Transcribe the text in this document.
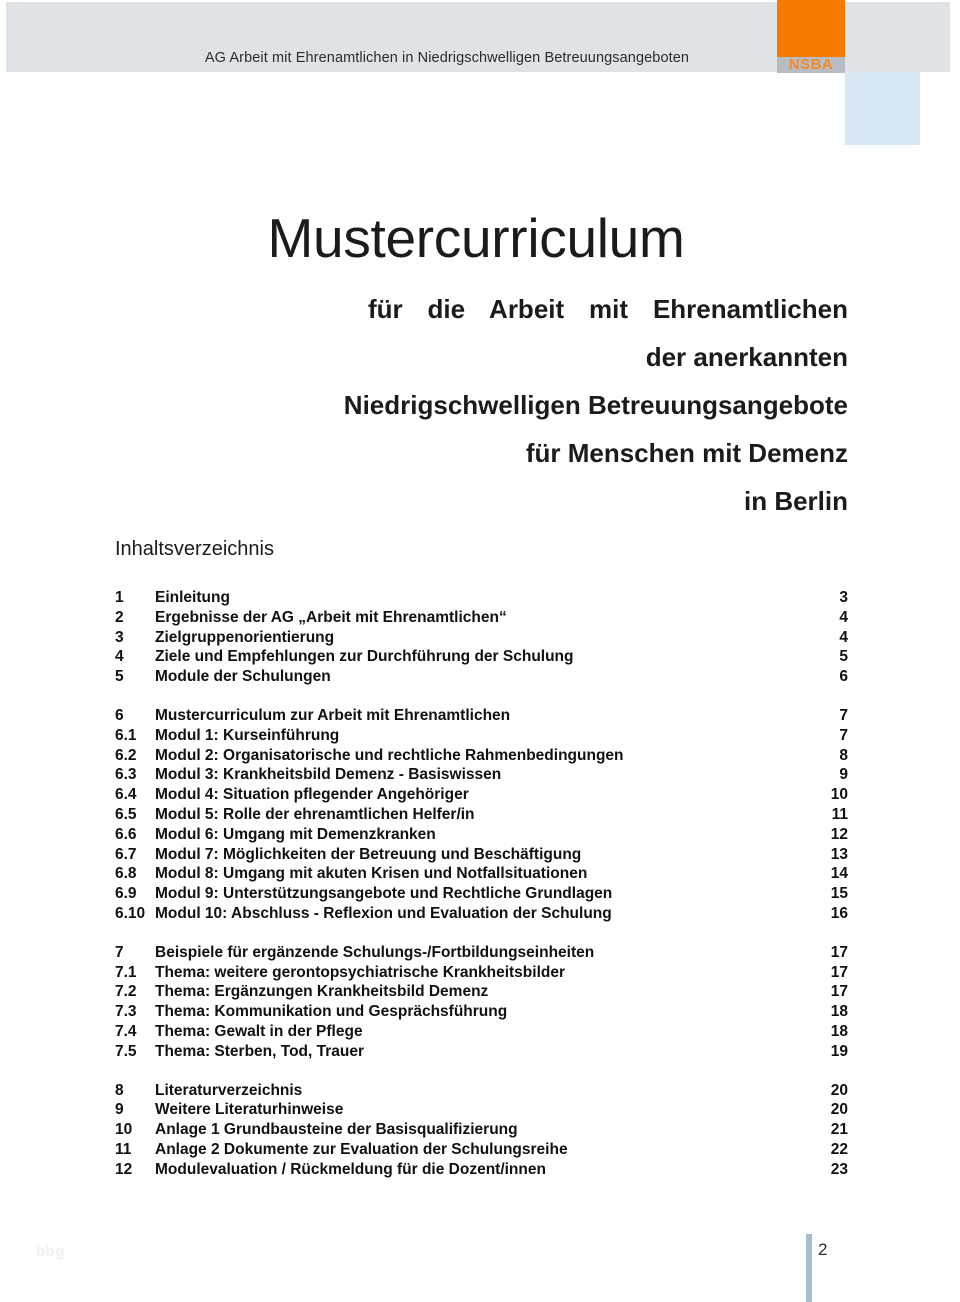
AG Arbeit mit Ehrenamtlichen in Niedrigschwelligen Betreuungsangeboten	NSBA
Mustercurriculum
für die Arbeit mit Ehrenamtlichen
der anerkannten
Niedrigschwelligen Betreuungsangebote
für Menschen mit Demenz
in Berlin
Inhaltsverzeichnis
1	Einleitung	3
2	Ergebnisse der AG „Arbeit mit Ehrenamtlichen“	4
3	Zielgruppenorientierung	4
4	Ziele und Empfehlungen zur Durchführung der Schulung	5
5	Module der Schulungen	6
6	Mustercurriculum zur Arbeit mit Ehrenamtlichen	7
6.1	Modul 1: Kurseinführung	7
6.2	Modul 2: Organisatorische und rechtliche Rahmenbedingungen	8
6.3	Modul 3: Krankheitsbild Demenz - Basiswissen	9
6.4	Modul 4: Situation pflegender Angehöriger	10
6.5	Modul 5: Rolle der ehrenamtlichen Helfer/in	11
6.6	Modul 6: Umgang mit Demenzkranken	12
6.7	Modul 7: Möglichkeiten der Betreuung und Beschäftigung	13
6.8	Modul 8: Umgang mit akuten Krisen und Notfallsituationen	14
6.9	Modul 9: Unterstützungsangebote und Rechtliche Grundlagen	15
6.10 Modul 10: Abschluss - Reflexion und Evaluation der Schulung	16
7	Beispiele für ergänzende Schulungs-/Fortbildungseinheiten	17
7.1	Thema: weitere gerontopsychiatrische Krankheitsbilder	17
7.2	Thema: Ergänzungen Krankheitsbild Demenz	17
7.3	Thema: Kommunikation und Gesprächsführung	18
7.4	Thema: Gewalt in der Pflege	18
7.5	Thema: Sterben, Tod, Trauer	19
8	Literaturverzeichnis	20
9	Weitere Literaturhinweise	20
10	Anlage 1 Grundbausteine der Basisqualifizierung	21
11	Anlage 2 Dokumente zur Evaluation der Schulungsreihe	22
12	Modulevaluation / Rückmeldung für die Dozent/innen	23
bbg	2
